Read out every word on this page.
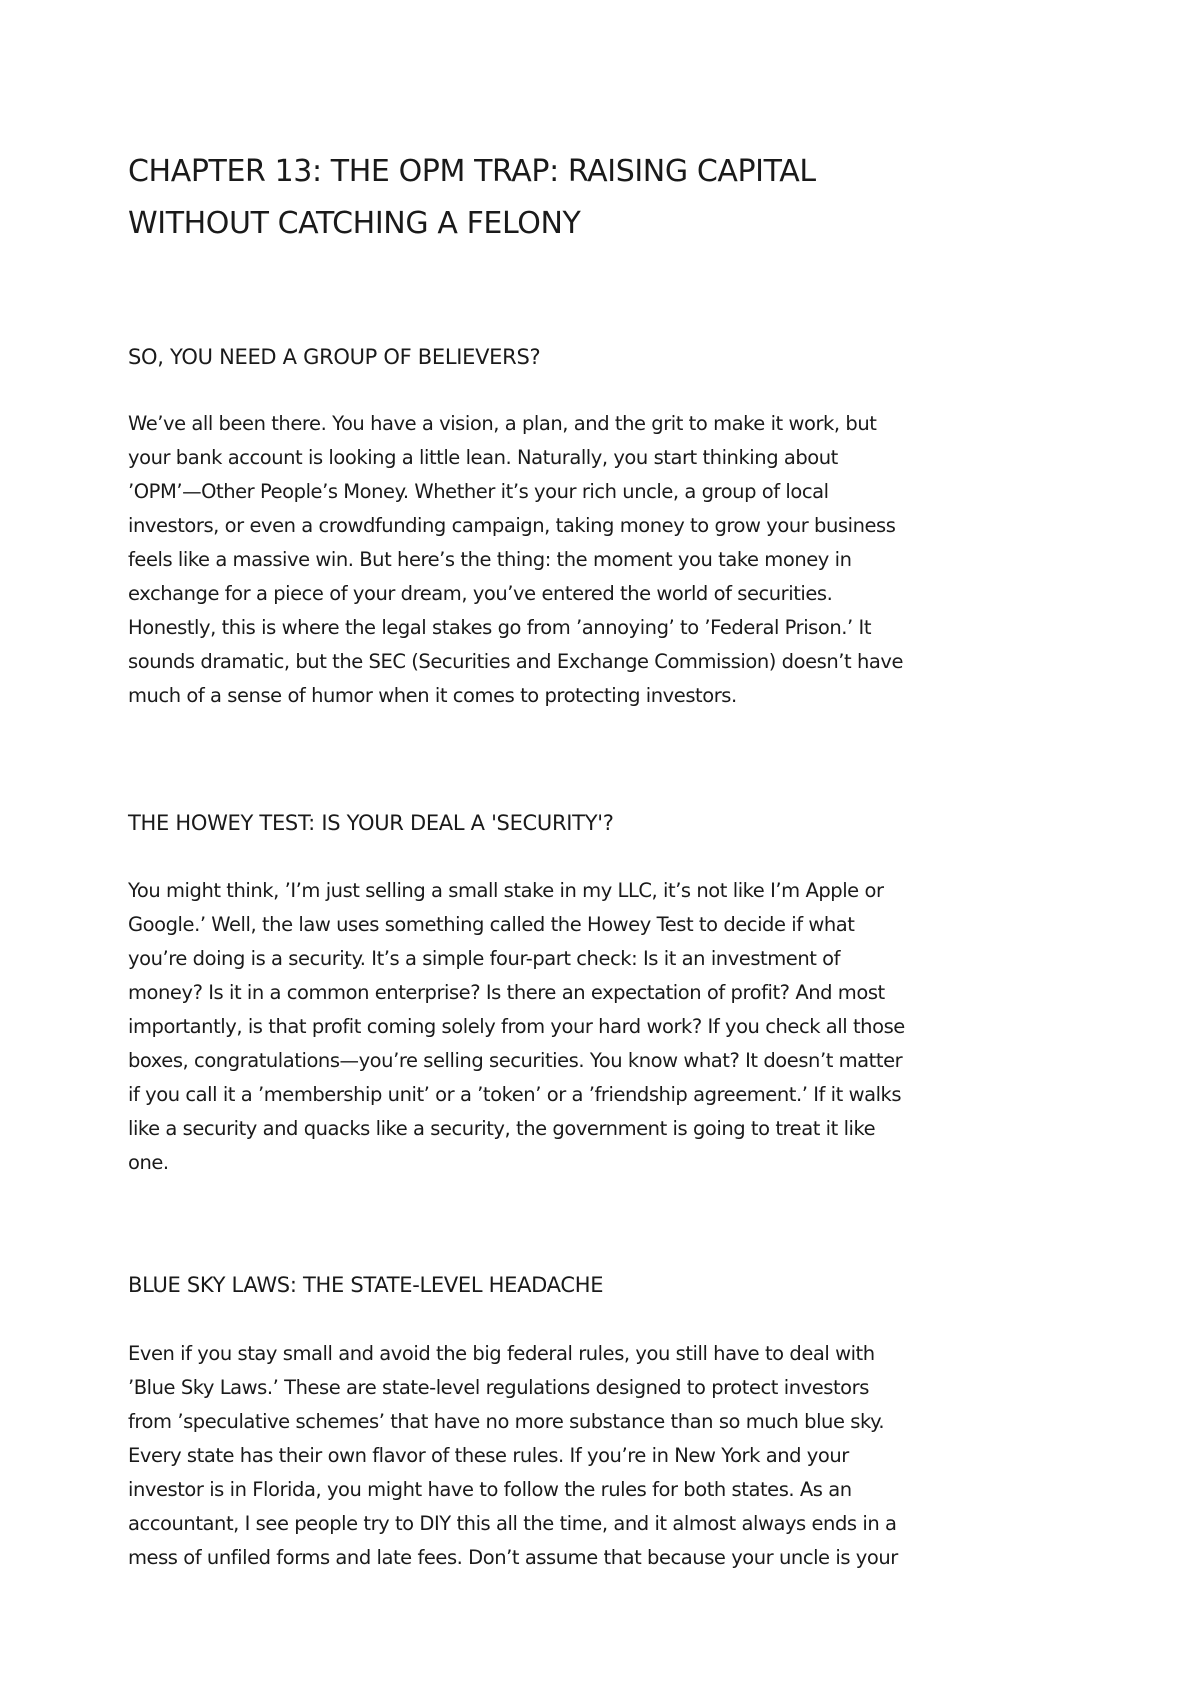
CHAPTER 13: THE OPM TRAP: RAISING CAPITAL
WITHOUT CATCHING A FELONY
SO, YOU NEED A GROUP OF BELIEVERS?

We’ve all been there. You have a vision, a plan, and the grit to make it work, but
your bank account is looking a little lean. Naturally, you start thinking about
’OPM’—Other People’s Money. Whether it’s your rich uncle, a group of local
investors, or even a crowdfunding campaign, taking money to grow your business
feels like a massive win. But here’s the thing: the moment you take money in
exchange for a piece of your dream, you’ve entered the world of securities.
Honestly, this is where the legal stakes go from ’annoying’ to ’Federal Prison.’ It
sounds dramatic, but the SEC (Securities and Exchange Commission) doesn’t have
much of a sense of humor when it comes to protecting investors.

THE HOWEY TEST: IS YOUR DEAL A 'SECURITY'?

You might think, ’I’m just selling a small stake in my LLC, it’s not like I’m Apple or
Google.’ Well, the law uses something called the Howey Test to decide if what
you’re doing is a security. It’s a simple four-part check: Is it an investment of
money? Is it in a common enterprise? Is there an expectation of profit? And most
importantly, is that profit coming solely from your hard work? If you check all those
boxes, congratulations—you’re selling securities. You know what? It doesn’t matter
if you call it a ’membership unit’ or a ’token’ or a ’friendship agreement.’ If it walks
like a security and quacks like a security, the government is going to treat it like
one.

BLUE SKY LAWS: THE STATE-LEVEL HEADACHE

Even if you stay small and avoid the big federal rules, you still have to deal with
’Blue Sky Laws.’ These are state-level regulations designed to protect investors
from ’speculative schemes’ that have no more substance than so much blue sky.
Every state has their own flavor of these rules. If you’re in New York and your
investor is in Florida, you might have to follow the rules for both states. As an
accountant, I see people try to DIY this all the time, and it almost always ends in a
mess of unfiled forms and late fees. Don’t assume that because your uncle is your
